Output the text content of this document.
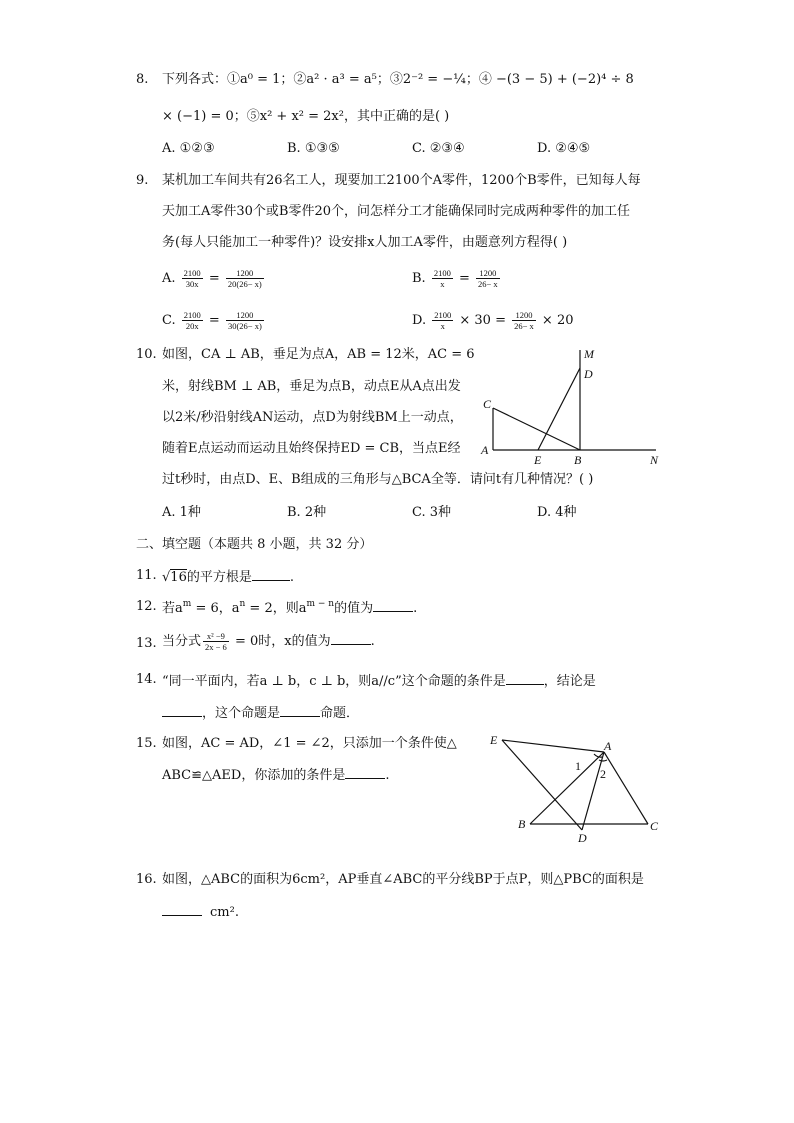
8. 下列各式：①a⁰ = 1；②a² · a³ = a⁵；③2⁻² = −¼；④ −(3 − 5) + (−2)⁴ ÷ 8
× (−1) = 0；⑤x² + x² = 2x²，其中正确的是( )
A. ①②③	B. ①③⑤	C. ②③④	D. ②④⑤
9. 某机加工车间共有26名工人，现要加工2100个A零件，1200个B零件，已知每人每
天加工A零件30个或B零件20个，问怎样分工才能确保同时完成两种零件的加工任
务(每人只能加工一种零件)？设安排x人加工A零件，由题意列方程得( )
A. $\frac{2100}{30x} = \frac{1200}{20(26- x)}$	B. $\frac{2100}{x} = \frac{1200}{26- x}$
C. $\frac{2100}{20x} = \frac{1200}{30(26- x)}$	D. $\frac{2100}{x} \times 30 = \frac{1200}{26- x} \times 20$
10. 如图，CA ⊥ AB，垂足为点A，AB = 12米，AC = 6
米，射线BM ⊥ AB，垂足为点B，动点E从A点出发
以2米/秒沿射线AN运动，点D为射线BM上一动点，
随着E点运动而运动且始终保持ED = CB，当点E经
过t秒时，由点D、E、B组成的三角形与△BCA全等．请问t有几种情况？( )
A. 1种	B. 2种	C. 3种	D. 4种
M
D
C
A
E	B	N
二、填空题（本题共 8 小题，共 32 分）
11. √16的平方根是	.
12. 若$a^m = 6$，$a^n = 2$，则$a^{m - n}$的值为	.
13. 当分式 $\frac{\text{x² −9}}{2x - 6} = 0$时，x的值为	.
14. “同一平面内，若a ⊥ b，c ⊥ b，则a//c”这个命题的条件是	，结论是
，这个命题是	命题．
15. 如图，AC = AD，∠1 = ∠2，只添加一个条件使△
ABC≌△AED，你添加的条件是	.
E	A
1
2
B
D
C
16. 如图，△ABC的面积为6cm²，AP垂直∠ABC的平分线BP于点P，则△PBC的面积是
cm².
